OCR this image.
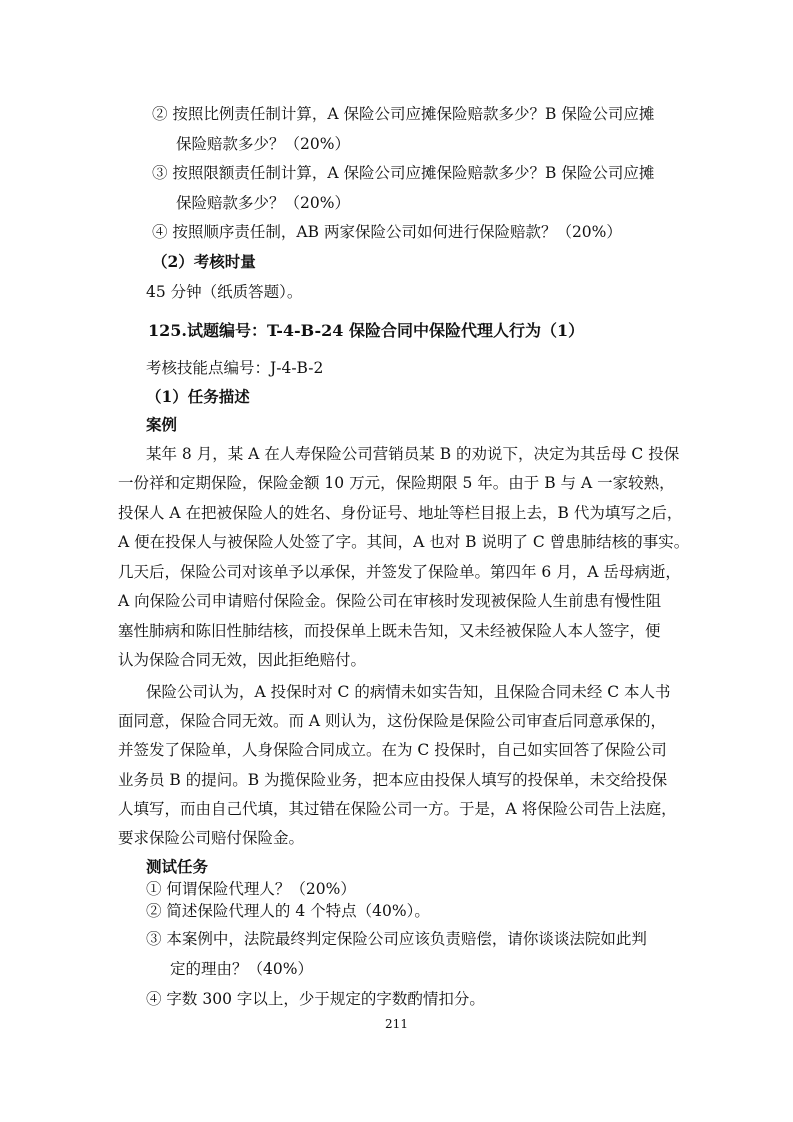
② 按照比例责任制计算，A 保险公司应摊保险赔款多少？B 保险公司应摊
保险赔款多少？（20%）
③ 按照限额责任制计算，A 保险公司应摊保险赔款多少？B 保险公司应摊
保险赔款多少？（20%）
④ 按照顺序责任制，AB 两家保险公司如何进行保险赔款？（20%）
（2）考核时量
45 分钟（纸质答题）。
125.试题编号：T-4-B-24 保险合同中保险代理人行为（1）
考核技能点编号：J-4-B-2
（1）任务描述
案例
某年 8 月，某 A 在人寿保险公司营销员某 B 的劝说下，决定为其岳母 C 投保
一份祥和定期保险，保险金额 10 万元，保险期限 5 年。由于 B 与 A 一家较熟，
投保人 A 在把被保险人的姓名、身份证号、地址等栏目报上去，B 代为填写之后，
A 便在投保人与被保险人处签了字。其间，A 也对 B 说明了 C 曾患肺结核的事实。
几天后，保险公司对该单予以承保，并签发了保险单。第四年 6 月，A 岳母病逝，
A 向保险公司申请赔付保险金。保险公司在审核时发现被保险人生前患有慢性阻
塞性肺病和陈旧性肺结核，而投保单上既未告知，又未经被保险人本人签字，便
认为保险合同无效，因此拒绝赔付。
保险公司认为，A 投保时对 C 的病情未如实告知，且保险合同未经 C 本人书
面同意，保险合同无效。而 A 则认为，这份保险是保险公司审查后同意承保的，
并签发了保险单，人身保险合同成立。在为 C 投保时，自己如实回答了保险公司
业务员 B 的提问。B 为揽保险业务，把本应由投保人填写的投保单，未交给投保
人填写，而由自己代填，其过错在保险公司一方。于是，A 将保险公司告上法庭，
要求保险公司赔付保险金。
测试任务
① 何谓保险代理人？（20%）
② 简述保险代理人的 4 个特点（40%）。
③ 本案例中，法院最终判定保险公司应该负责赔偿，请你谈谈法院如此判
定的理由？（40%）
④ 字数 300 字以上，少于规定的字数酌情扣分。
211
